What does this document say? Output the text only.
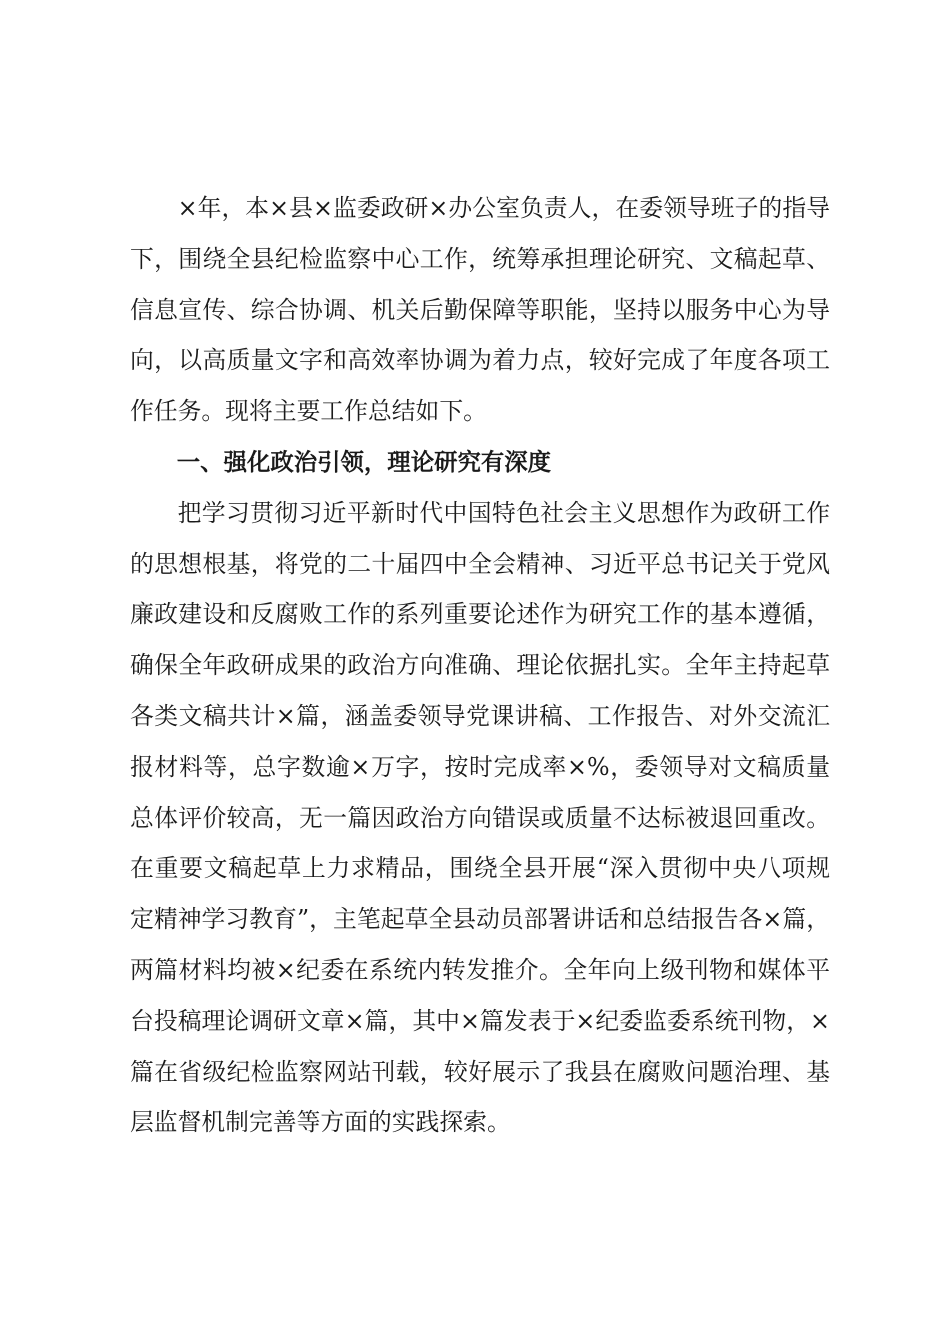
×年，本×县×监委政研×办公室负责人，在委领导班子的指导下，围绕全县纪检监察中心工作，统筹承担理论研究、文稿起草、信息宣传、综合协调、机关后勤保障等职能，坚持以服务中心为导向，以高质量文字和高效率协调为着力点，较好完成了年度各项工作任务。现将主要工作总结如下。

一、强化政治引领，理论研究有深度

把学习贯彻习近平新时代中国特色社会主义思想作为政研工作的思想根基，将党的二十届四中全会精神、习近平总书记关于党风廉政建设和反腐败工作的系列重要论述作为研究工作的基本遵循，确保全年政研成果的政治方向准确、理论依据扎实。全年主持起草各类文稿共计×篇，涵盖委领导党课讲稿、工作报告、对外交流汇报材料等，总字数逾×万字，按时完成率×%，委领导对文稿质量总体评价较高，无一篇因政治方向错误或质量不达标被退回重改。在重要文稿起草上力求精品，围绕全县开展“深入贯彻中央八项规定精神学习教育”，主笔起草全县动员部署讲话和总结报告各×篇，两篇材料均被×纪委在系统内转发推介。全年向上级刊物和媒体平台投稿理论调研文章×篇，其中×篇发表于×纪委监委系统刊物，×篇在省级纪检监察网站刊载，较好展示了我县在腐败问题治理、基层监督机制完善等方面的实践探索。
